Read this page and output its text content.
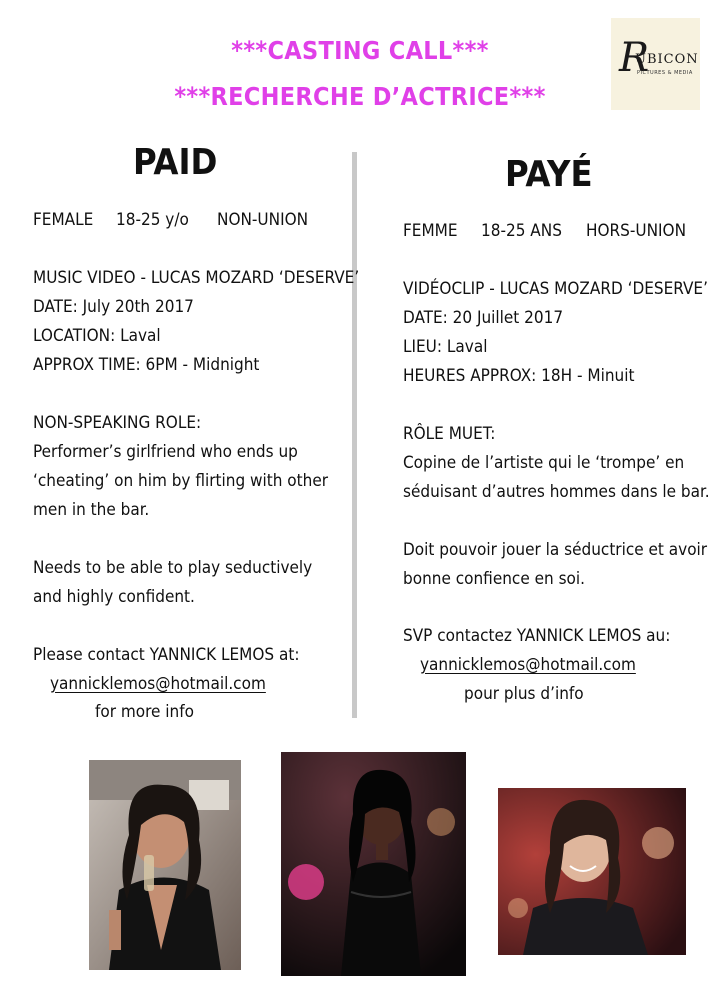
***CASTING CALL***
***RECHERCHE D’ACTRICE***
R
UBICON
PICTURES & MEDIA
PAID
FEMALE 18-25 y/o NON-UNION
MUSIC VIDEO - LUCAS MOZARD ‘DESERVE’
DATE: July 20th 2017
LOCATION: Laval
APPROX TIME: 6PM - Midnight
NON-SPEAKING ROLE:
Performer’s girlfriend who ends up
‘cheating’ on him by flirting with other
men in the bar.
Needs to be able to play seductively
and highly confident.
Please contact YANNICK LEMOS at:
yannicklemos@hotmail.com
for more info
PAYÉ
FEMME 18-25 ANS HORS-UNION
VIDÉOCLIP - LUCAS MOZARD ‘DESERVE’
DATE: 20 Juillet 2017
LIEU: Laval
HEURES APPROX: 18H - Minuit
RÔLE MUET:
Copine de l’artiste qui le ‘trompe’ en
séduisant d’autres hommes dans le bar.
Doit pouvoir jouer la séductrice et avoir
bonne confience en soi.
SVP contactez YANNICK LEMOS au:
yannicklemos@hotmail.com
pour plus d’info
